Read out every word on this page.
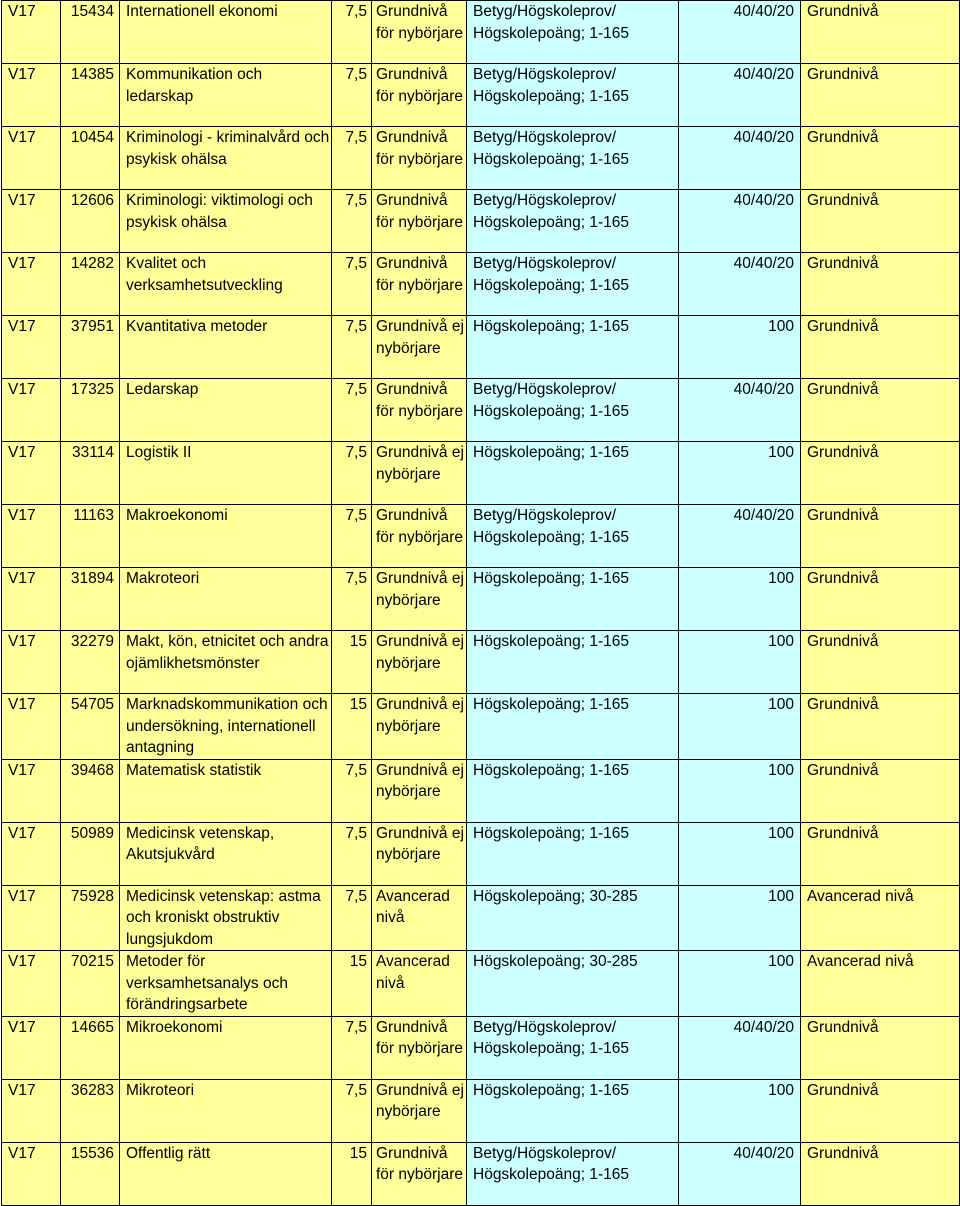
V17	15434	Internationell ekonomi	7,5	Grundnivå för nybörjare	Betyg/Högskoleprov/ Högskolepoäng; 1-165	40/40/20	Grundnivå
V17	14385	Kommunikation och ledarskap	7,5	Grundnivå för nybörjare	Betyg/Högskoleprov/ Högskolepoäng; 1-165	40/40/20	Grundnivå
V17	10454	Kriminologi - kriminalvård och psykisk ohälsa	7,5	Grundnivå för nybörjare	Betyg/Högskoleprov/ Högskolepoäng; 1-165	40/40/20	Grundnivå
V17	12606	Kriminologi: viktimologi och psykisk ohälsa	7,5	Grundnivå för nybörjare	Betyg/Högskoleprov/ Högskolepoäng; 1-165	40/40/20	Grundnivå
V17	14282	Kvalitet och verksamhetsutveckling	7,5	Grundnivå för nybörjare	Betyg/Högskoleprov/ Högskolepoäng; 1-165	40/40/20	Grundnivå
V17	37951	Kvantitativa metoder	7,5	Grundnivå ej nybörjare	Högskolepoäng; 1-165	100	Grundnivå
V17	17325	Ledarskap	7,5	Grundnivå för nybörjare	Betyg/Högskoleprov/ Högskolepoäng; 1-165	40/40/20	Grundnivå
V17	33114	Logistik II	7,5	Grundnivå ej nybörjare	Högskolepoäng; 1-165	100	Grundnivå
V17	11163	Makroekonomi	7,5	Grundnivå för nybörjare	Betyg/Högskoleprov/ Högskolepoäng; 1-165	40/40/20	Grundnivå
V17	31894	Makroteori	7,5	Grundnivå ej nybörjare	Högskolepoäng; 1-165	100	Grundnivå
V17	32279	Makt, kön, etnicitet och andra ojämlikhetsmönster	15	Grundnivå ej nybörjare	Högskolepoäng; 1-165	100	Grundnivå
V17	54705	Marknadskommunikation och undersökning, internationell antagning	15	Grundnivå ej nybörjare	Högskolepoäng; 1-165	100	Grundnivå
V17	39468	Matematisk statistik	7,5	Grundnivå ej nybörjare	Högskolepoäng; 1-165	100	Grundnivå
V17	50989	Medicinsk vetenskap, Akutsjukvård	7,5	Grundnivå ej nybörjare	Högskolepoäng; 1-165	100	Grundnivå
V17	75928	Medicinsk vetenskap: astma och kroniskt obstruktiv lungsjukdom	7,5	Avancerad nivå	Högskolepoäng; 30-285	100	Avancerad nivå
V17	70215	Metoder för verksamhetsanalys och förändringsarbete	15	Avancerad nivå	Högskolepoäng; 30-285	100	Avancerad nivå
V17	14665	Mikroekonomi	7,5	Grundnivå för nybörjare	Betyg/Högskoleprov/ Högskolepoäng; 1-165	40/40/20	Grundnivå
V17	36283	Mikroteori	7,5	Grundnivå ej nybörjare	Högskolepoäng; 1-165	100	Grundnivå
V17	15536	Offentlig rätt	15	Grundnivå för nybörjare	Betyg/Högskoleprov/ Högskolepoäng; 1-165	40/40/20	Grundnivå
